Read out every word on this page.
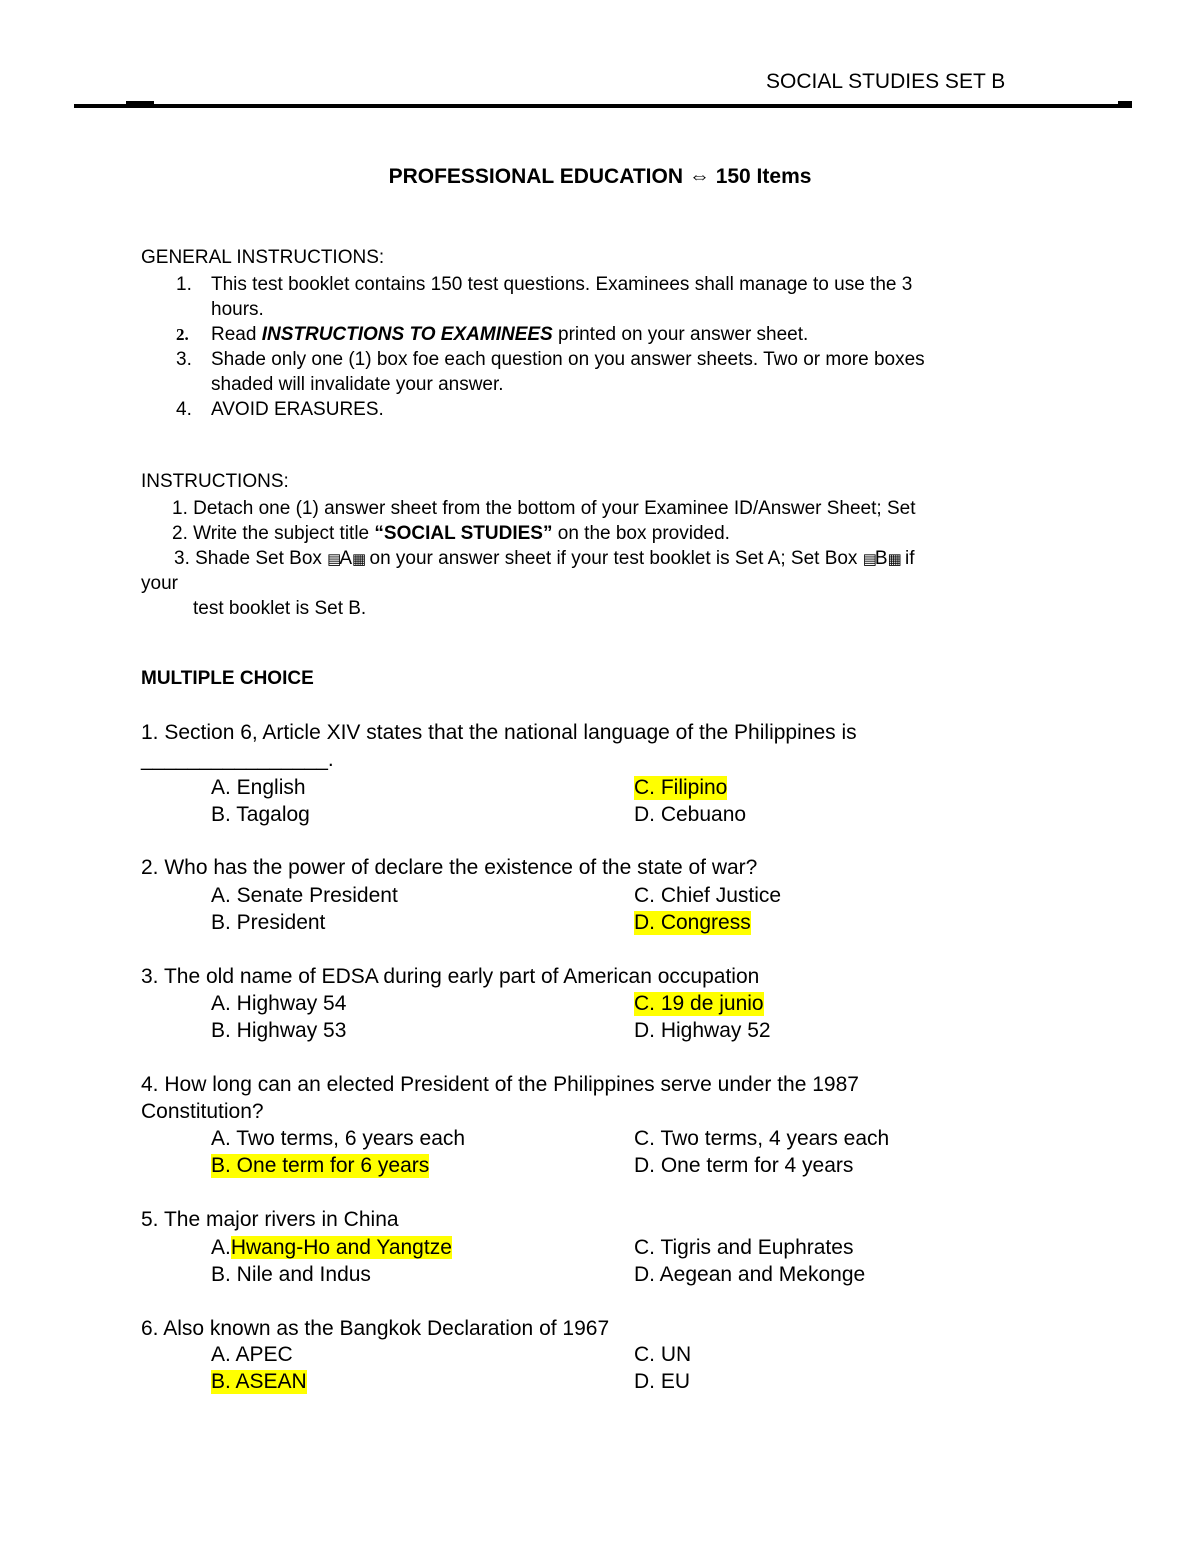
SOCIAL STUDIES SET B
PROFESSIONAL EDUCATION ⇔ 150 Items
GENERAL INSTRUCTIONS:
1. This test booklet contains 150 test questions. Examinees shall manage to use the 3
hours.
2. Read INSTRUCTIONS TO EXAMINEES printed on your answer sheet.
3. Shade only one (1) box foe each question on you answer sheets. Two or more boxes
shaded will invalidate your answer.
4. AVOID ERASURES.
INSTRUCTIONS:
1. Detach one (1) answer sheet from the bottom of your Examinee ID/Answer Sheet; Set
2. Write the subject title “SOCIAL STUDIES” on the box provided.
3. Shade Set Box ▤A▦ on your answer sheet if your test booklet is Set A; Set Box ▤B▦ if
your
test booklet is Set B.
MULTIPLE CHOICE
1. Section 6, Article XIV states that the national language of the Philippines is
________________.
A. English	C. Filipino
B. Tagalog	D. Cebuano
2. Who has the power of declare the existence of the state of war?
A. Senate President	C. Chief Justice
B. President	D. Congress
3. The old name of EDSA during early part of American occupation
A. Highway 54	C. 19 de junio
B. Highway 53	D. Highway 52
4. How long can an elected President of the Philippines serve under the 1987
Constitution?
A. Two terms, 6 years each	C. Two terms, 4 years each
B. One term for 6 years	D. One term for 4 years
5. The major rivers in China
A.Hwang-Ho and Yangtze	C. Tigris and Euphrates
B. Nile and Indus	D. Aegean and Mekonge
6. Also known as the Bangkok Declaration of 1967
A. APEC	C. UN
B. ASEAN	D. EU
